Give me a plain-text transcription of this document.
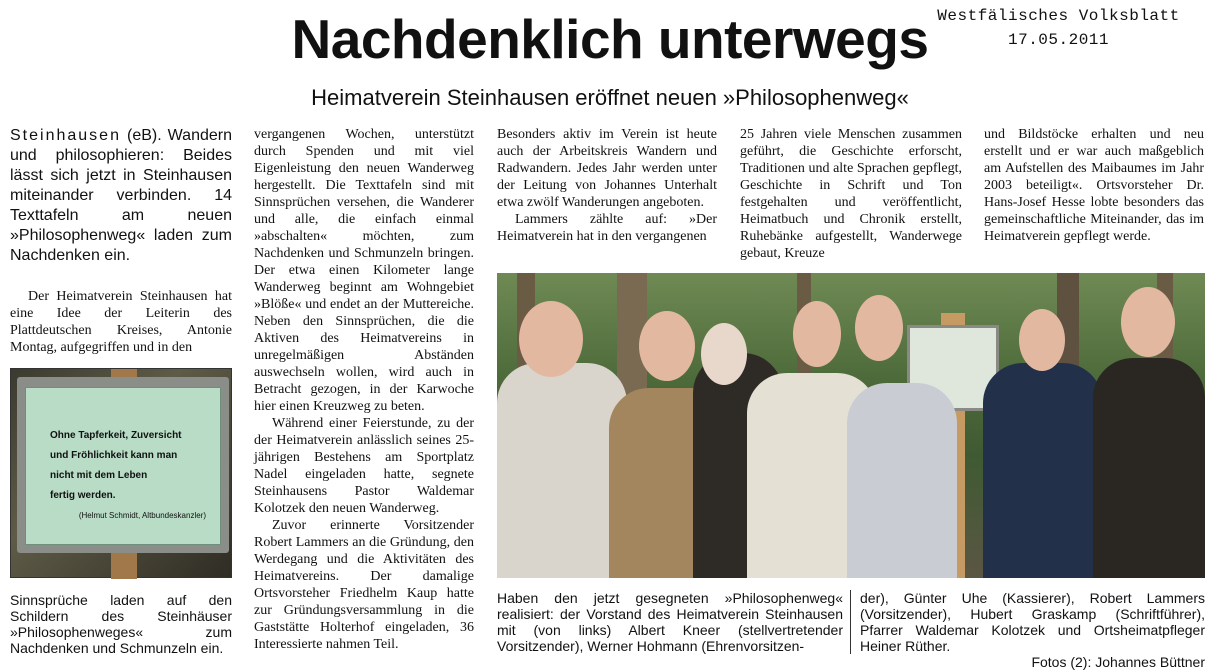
Westfälisches Volksblatt
17.05.2011
Nachdenklich unterwegs
Heimatverein Steinhausen eröffnet neuen »Philosophenweg«
Steinhausen (eB). Wandern und philosophieren: Beides lässt sich jetzt in Steinhausen miteinander verbinden. 14 Texttafeln am neuen »Philosophenweg« laden zum Nachdenken ein.

Der Heimatverein Steinhausen hat eine Idee der Leiterin des Plattdeutschen Kreises, Antonie Montag, aufgegriffen und in den

Ohne Tapferkeit, Zuversicht
und Fröhlichkeit kann man
nicht mit dem Leben
fertig werden.
(Helmut Schmidt, Altbundeskanzler)
Sinnsprüche laden auf den Schildern des Steinhäuser »Philosophenweges« zum Nachdenken und Schmunzeln ein.

vergangenen Wochen, unterstützt durch Spenden und mit viel Eigenleistung den neuen Wanderweg hergestellt. Die Texttafeln sind mit Sinnsprüchen versehen, die Wanderer und alle, die einfach einmal »abschalten« möchten, zum Nachdenken und Schmunzeln bringen. Der etwa einen Kilometer lange Wanderweg beginnt am Wohngebiet »Blöße« und endet an der Muttereiche. Neben den Sinnsprüchen, die die Aktiven des Heimatvereins in unregelmäßigen Abständen auswechseln wollen, wird auch in Betracht gezogen, in der Karwoche hier einen Kreuzweg zu beten.

Während einer Feierstunde, zu der der Heimatverein anlässlich seines 25-jährigen Bestehens am Sportplatz Nadel eingeladen hatte, segnete Steinhausens Pastor Waldemar Kolotzek den neuen Wanderweg.

Zuvor erinnerte Vorsitzender Robert Lammers an die Gründung, den Werdegang und die Aktivitäten des Heimatvereins. Der damalige Ortsvorsteher Friedhelm Kaup hatte zur Gründungsversammlung in die Gaststätte Holterhof eingeladen, 36 Interessierte nahmen Teil.

Besonders aktiv im Verein ist heute auch der Arbeitskreis Wandern und Radwandern. Jedes Jahr werden unter der Leitung von Johannes Unterhalt etwa zwölf Wanderungen angeboten.

Lammers zählte auf: »Der Heimatverein hat in den vergangenen

25 Jahren viele Menschen zusammen geführt, die Geschichte erforscht, Traditionen und alte Sprachen gepflegt, Geschichte in Schrift und Ton festgehalten und veröffentlicht, Heimatbuch und Chronik erstellt, Ruhebänke aufgestellt, Wanderwege gebaut, Kreuze

und Bildstöcke erhalten und neu erstellt und er war auch maßgeblich am Aufstellen des Maibaumes im Jahr 2003 beteiligt«. Ortsvorsteher Dr. Hans-Josef Hesse lobte besonders das gemeinschaftliche Miteinander, das im Heimatverein gepflegt werde.

Haben den jetzt gesegneten »Philosophenweg« realisiert: der Vorstand des Heimatverein Steinhausen mit (von links) Albert Kneer (stellvertretender Vorsitzender), Werner Hohmann (Ehrenvorsitzen-
der), Günter Uhe (Kassierer), Robert Lammers (Vorsitzender), Hubert Graskamp (Schriftführer), Pfarrer Waldemar Kolotzek und Ortsheimatpfleger Heiner Rüther.
Fotos (2): Johannes Büttner
